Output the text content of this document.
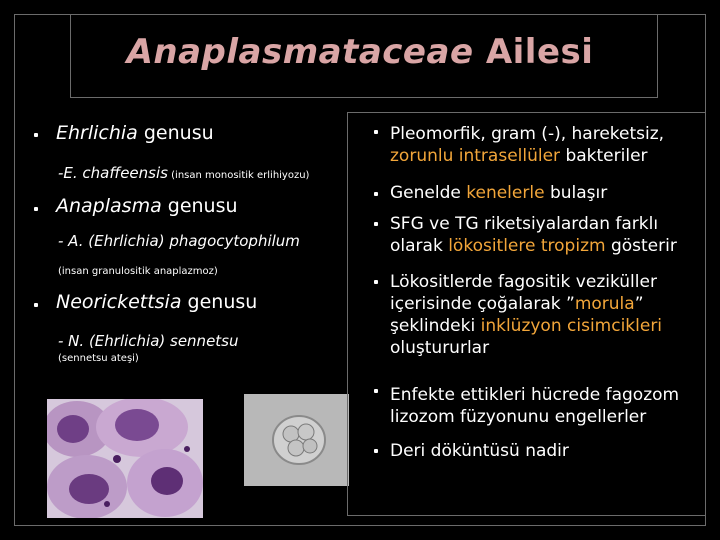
Anaplasmataceae Ailesi
Ehrlichia genusu
-E. chaffeensis (insan monositik erlihiyozu)
Anaplasma genusu
- A. (Ehrlichia) phagocytophilum
(insan granulositik anaplazmoz)
Neorickettsia genusu
- N. (Ehrlichia) sennetsu
(sennetsu ateşi)
Pleomorfik, gram (-), hareketsiz,
zorunlu intrasellüler bakteriler
Genelde kenelerle bulaşır
SFG ve TG riketsiyalardan farklı
olarak lökositlere tropizm gösterir
Lökositlerde fagositik veziküller
içerisinde çoğalarak ”morula”
şeklindeki inklüzyon cisimcikleri
oluştururlar
Enfekte ettikleri hücrede fagozom
lizozom füzyonunu engellerler
Deri döküntüsü nadir
